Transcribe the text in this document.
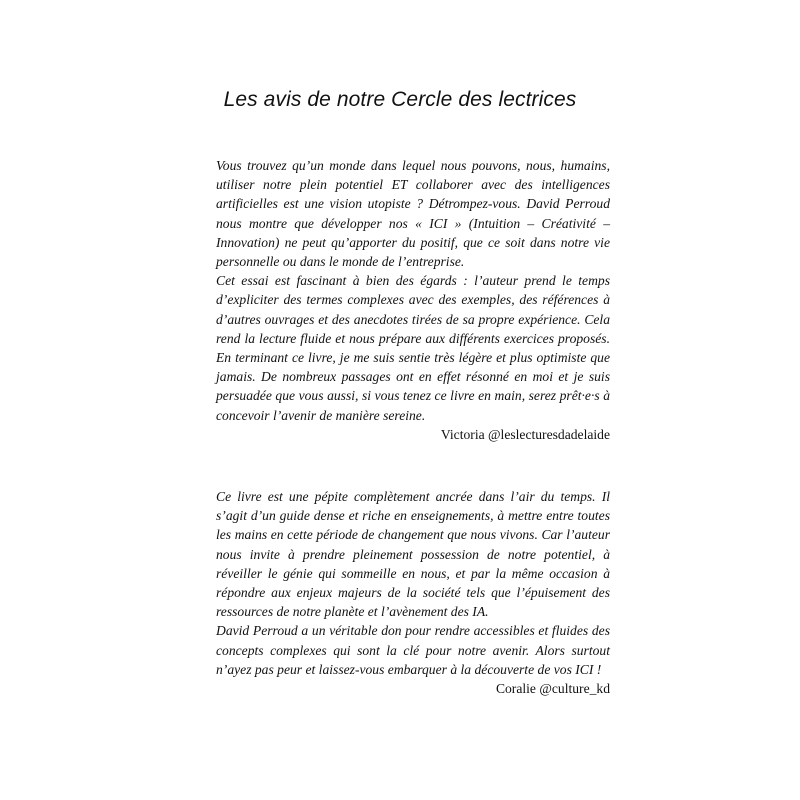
Les avis de notre Cercle des lectrices

Vous trouvez qu’un monde dans lequel nous pouvons, nous, humains, utiliser notre plein potentiel ET collaborer avec des intelligences artificielles est une vision utopiste ? Détrompez-vous. David Perroud nous montre que développer nos « ICI » (Intuition – Créativité – Innovation) ne peut qu’apporter du positif, que ce soit dans notre vie personnelle ou dans le monde de l’entreprise.

Cet essai est fascinant à bien des égards : l’auteur prend le temps d’expliciter des termes complexes avec des exemples, des références à d’autres ouvrages et des anecdotes tirées de sa propre expérience. Cela rend la lecture fluide et nous prépare aux différents exercices proposés. En terminant ce livre, je me suis sentie très légère et plus optimiste que jamais. De nombreux passages ont en effet résonné en moi et je suis persuadée que vous aussi, si vous tenez ce livre en main, serez prêt·e·s à concevoir l’avenir de manière sereine.

Victoria @leslecturesdadelaide

Ce livre est une pépite complètement ancrée dans l’air du temps. Il s’agit d’un guide dense et riche en enseignements, à mettre entre toutes les mains en cette période de changement que nous vivons. Car l’auteur nous invite à prendre pleinement possession de notre potentiel, à réveiller le génie qui sommeille en nous, et par la même occasion à répondre aux enjeux majeurs de la société tels que l’épuisement des ressources de notre planète et l’avènement des IA.

David Perroud a un véritable don pour rendre accessibles et fluides des concepts complexes qui sont la clé pour notre avenir. Alors surtout n’ayez pas peur et laissez-vous embarquer à la découverte de vos ICI !

Coralie @culture_kd
